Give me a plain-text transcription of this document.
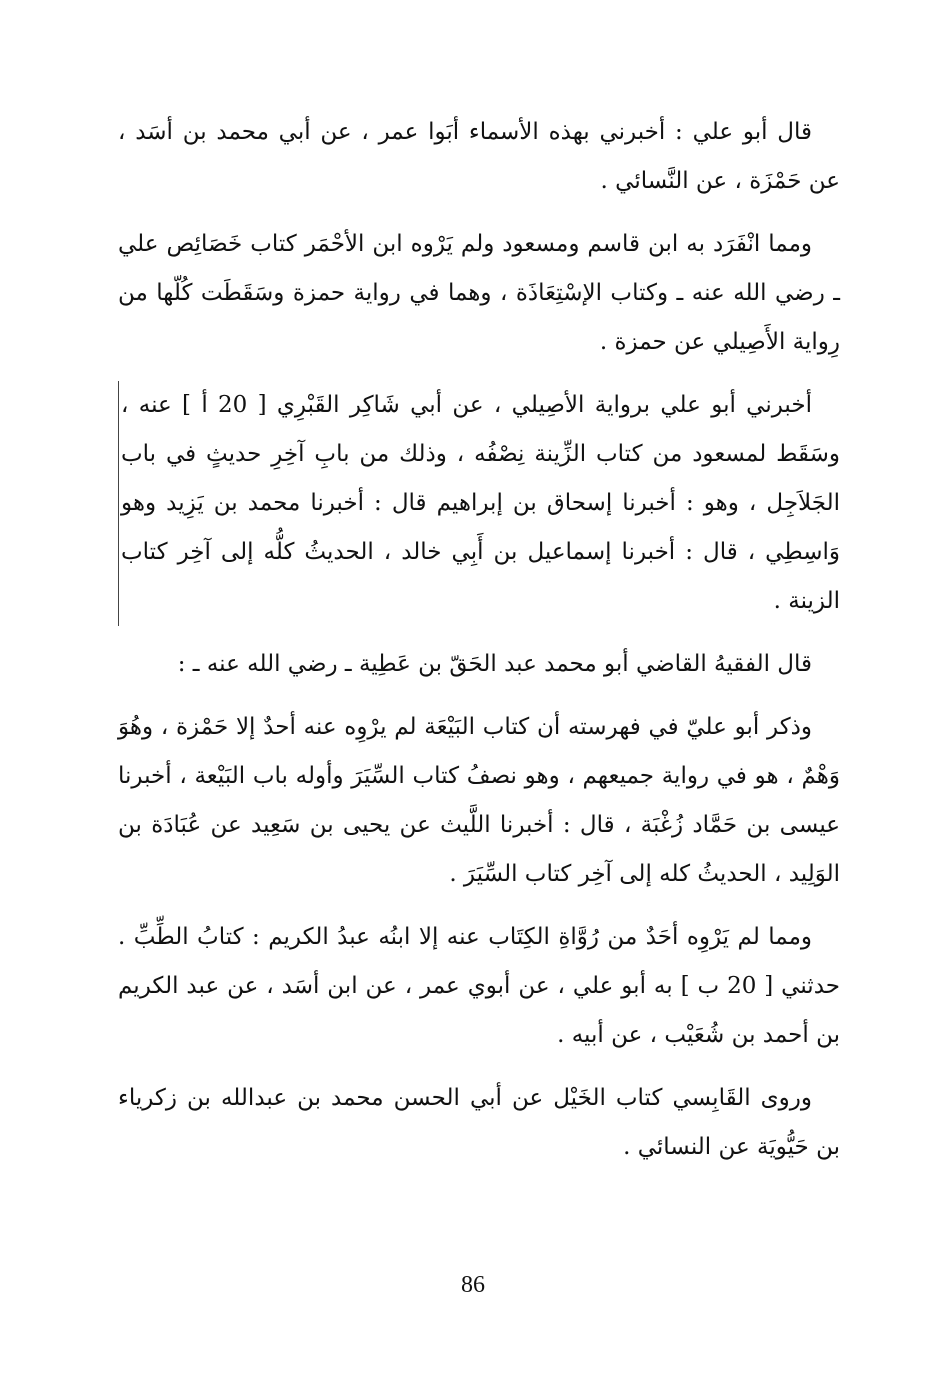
قال أبو علي : أخبرني بهذه الأسماء أبَوا عمر ، عن أبي محمد بن أسَد ، عن حَمْزَة ، عن النَّسائي .

ومما انْفَرَد به ابن قاسم ومسعود ولم يَرْوه ابن الأحْمَر كتاب خَصَائِص علي ـ رضي الله عنه ـ وكتاب الإسْتِعَاذَة ، وهما في رواية حمزة وسَقَطَت كُلّها من رِواية الأَصِيلي عن حمزة .

أخبرني أبو علي برواية الأصِيلي ، عن أبي شَاكِر القَبْرِي [ 20 أ ] عنه ، وسَقَط لمسعود من كتاب الزِّينة نِصْفُه ، وذلك من بابِ آخِرِ حديثٍ في باب الجَلاَجِل ، وهو : أخبرنا إسحاق بن إبراهيم قال : أخبرنا محمد بن يَزِيد وهو وَاسِطِي ، قال : أخبرنا إسماعيل بن أَبِي خالد ، الحديثُ كلُّه إلى آخِر كتاب الزينة .

قال الفقيهُ القاضي أبو محمد عبد الحَقّ بن عَطِية ـ رضي الله عنه ـ :

وذكر أبو عليّ في فهرسته أن كتاب البَيْعَة لم يرْوِه عنه أحدٌ إلا حَمْزة ، وهُوَ وَهْمٌ ، هو في رواية جميعهم ، وهو نصفُ كتاب السِّيَرَ وأوله باب البَيْعة ، أخبرنا عيسى بن حَمَّاد زُغْبَة ، قال : أخبرنا اللَّيث عن يحيى بن سَعِيد عن عُبَادَة بن الوَلِيد ، الحديثُ كله إلى آخِر كتاب السِّيَرَ .

ومما لم يَرْوِه أحَدٌ من رُوَّاةِ الكِتَاب عنه إلا ابنُه عبدُ الكريم : كتابُ الطِّبِّ . حدثني [ 20 ب ] به أبو علي ، عن أبوي عمر ، عن ابن أسَد ، عن عبد الكريم بن أحمد بن شُعَيْب ، عن أبيه .

وروى القَابِسي كتاب الخَيْل عن أبي الحسن محمد بن عبدالله بن زكرياء بن حَيُّويَة عن النسائي .

86
